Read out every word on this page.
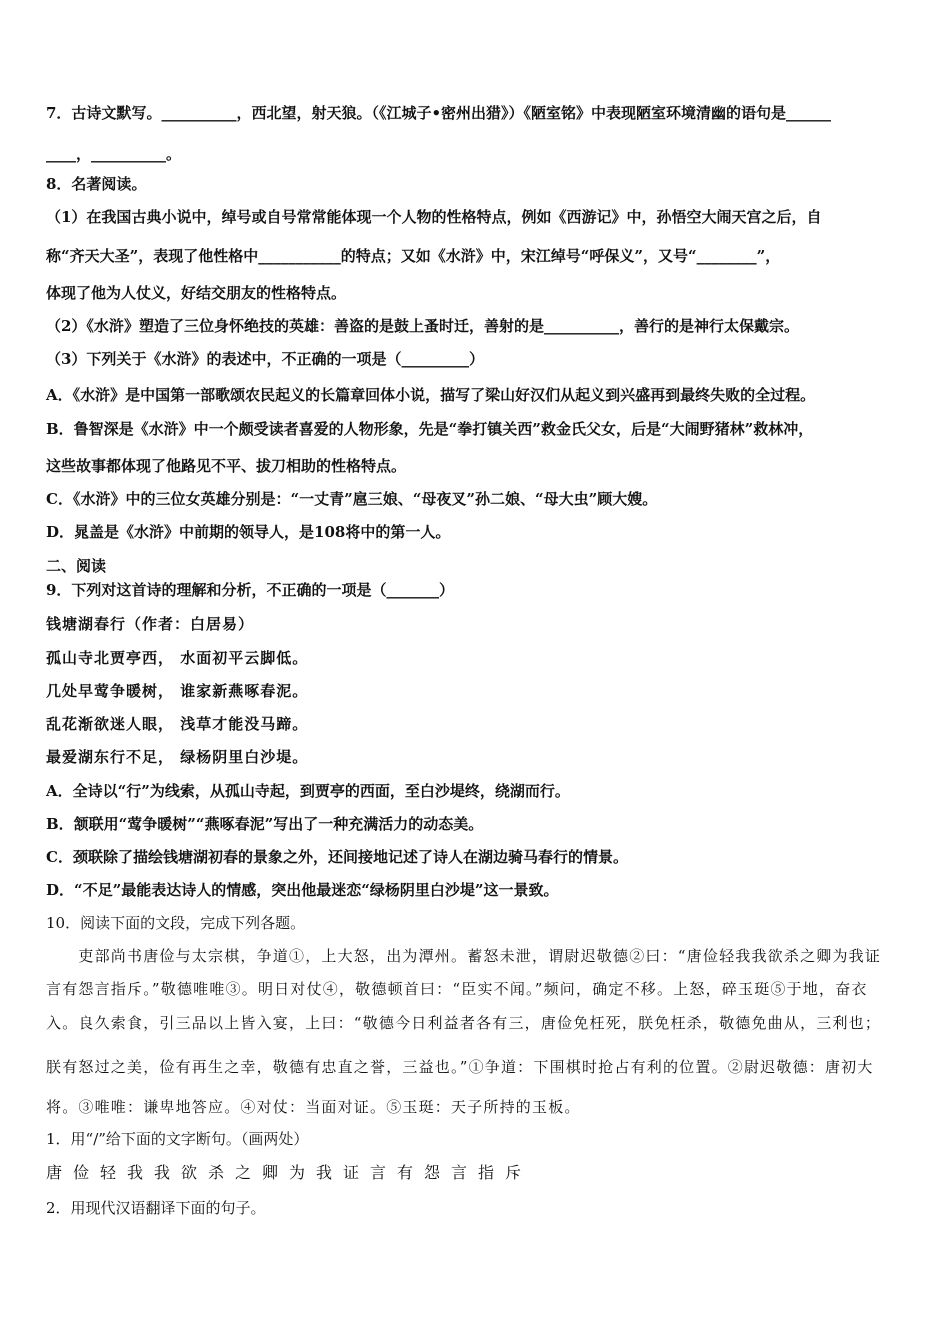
7．古诗文默写。__________，西北望，射天狼。（《江城子•密州出猎》）《陋室铭》中表现陋室环境清幽的语句是______
____，__________。
8．名著阅读。
（1）在我国古典小说中，绰号或自号常常能体现一个人物的性格特点，例如《西游记》中，孙悟空大闹天宫之后，自
称“齐天大圣”，表现了他性格中___________的特点；又如《水浒》中，宋江绰号“呼保义”，又号“________”，
体现了他为人仗义，好结交朋友的性格特点。
（2）《水浒》塑造了三位身怀绝技的英雄：善盗的是鼓上蚤时迁，善射的是__________，善行的是神行太保戴宗。
（3）下列关于《水浒》的表述中，不正确的一项是（_________）
A．《水浒》是中国第一部歌颂农民起义的长篇章回体小说，描写了梁山好汉们从起义到兴盛再到最终失败的全过程。
B．鲁智深是《水浒》中一个颇受读者喜爱的人物形象，先是“拳打镇关西”救金氏父女，后是“大闹野猪林”救林冲，
这些故事都体现了他路见不平、拔刀相助的性格特点。
C．《水浒》中的三位女英雄分别是：“一丈青”扈三娘、“母夜叉”孙二娘、“母大虫”顾大嫂。
D．晁盖是《水浒》中前期的领导人，是108将中的第一人。
二、阅读
9．下列对这首诗的理解和分析，不正确的一项是（_______）
钱塘湖春行（作者：白居易）
孤山寺北贾亭西， 水面初平云脚低。
几处早莺争暖树， 谁家新燕啄春泥。
乱花渐欲迷人眼， 浅草才能没马蹄。
最爱湖东行不足， 绿杨阴里白沙堤。
A．全诗以“行”为线索，从孤山寺起，到贾亭的西面，至白沙堤终，绕湖而行。
B．颔联用“莺争暖树”“燕啄春泥”写出了一种充满活力的动态美。
C．颈联除了描绘钱塘湖初春的景象之外，还间接地记述了诗人在湖边骑马春行的情景。
D．“不足”最能表达诗人的情感，突出他最迷恋“绿杨阴里白沙堤”这一景致。
10．阅读下面的文段，完成下列各题。
　　吏部尚书唐俭与太宗棋，争道①，上大怒，出为潭州。蓄怒未泄，谓尉迟敬德②曰：“唐俭轻我我欲杀之卿为我证
言有怨言指斥。”敬德唯唯③。明日对仗④，敬德顿首曰：“臣实不闻。”频问，确定不移。上怒，碎玉珽⑤于地，奋衣
入。良久索食，引三品以上皆入宴，上曰：“敬德今日利益者各有三，唐俭免枉死，朕免枉杀，敬德免曲从，三利也；
朕有怒过之美，俭有再生之幸，敬德有忠直之誉，三益也。”①争道：下围棋时抢占有利的位置。②尉迟敬德：唐初大
将。③唯唯：谦卑地答应。④对仗：当面对证。⑤玉珽：天子所持的玉板。
1．用“/”给下面的文字断句。（画两处）
唐俭轻我我欲杀之卿为我证言有怨言指斥
2．用现代汉语翻译下面的句子。
